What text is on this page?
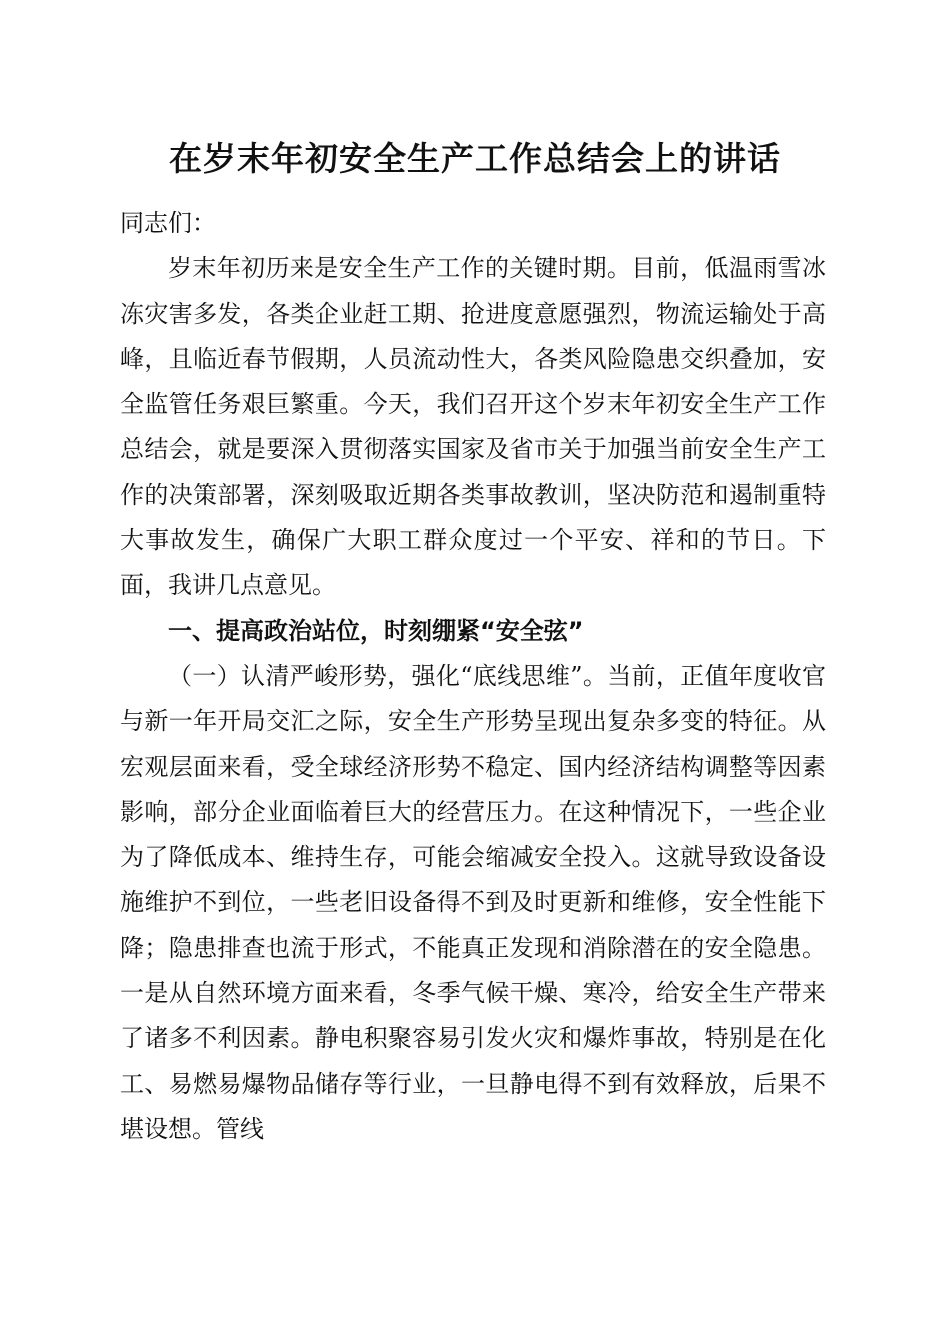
在岁末年初安全生产工作总结会上的讲话

同志们：

岁末年初历来是安全生产工作的关键时期。目前，低温雨雪冰冻灾害多发，各类企业赶工期、抢进度意愿强烈，物流运输处于高峰，且临近春节假期，人员流动性大，各类风险隐患交织叠加，安全监管任务艰巨繁重。今天，我们召开这个岁末年初安全生产工作总结会，就是要深入贯彻落实国家及省市关于加强当前安全生产工作的决策部署，深刻吸取近期各类事故教训，坚决防范和遏制重特大事故发生，确保广大职工群众度过一个平安、祥和的节日。下面，我讲几点意见。

一、提高政治站位，时刻绷紧“安全弦”

（一）认清严峻形势，强化“底线思维”。当前，正值年度收官与新一年开局交汇之际，安全生产形势呈现出复杂多变的特征。从宏观层面来看，受全球经济形势不稳定、国内经济结构调整等因素影响，部分企业面临着巨大的经营压力。在这种情况下，一些企业为了降低成本、维持生存，可能会缩减安全投入。这就导致设备设施维护不到位，一些老旧设备得不到及时更新和维修，安全性能下降；隐患排查也流于形式，不能真正发现和消除潜在的安全隐患。一是从自然环境方面来看，冬季气候干燥、寒冷，给安全生产带来了诸多不利因素。静电积聚容易引发火灾和爆炸事故，特别是在化工、易燃易爆物品储存等行业，一旦静电得不到有效释放，后果不堪设想。管线
